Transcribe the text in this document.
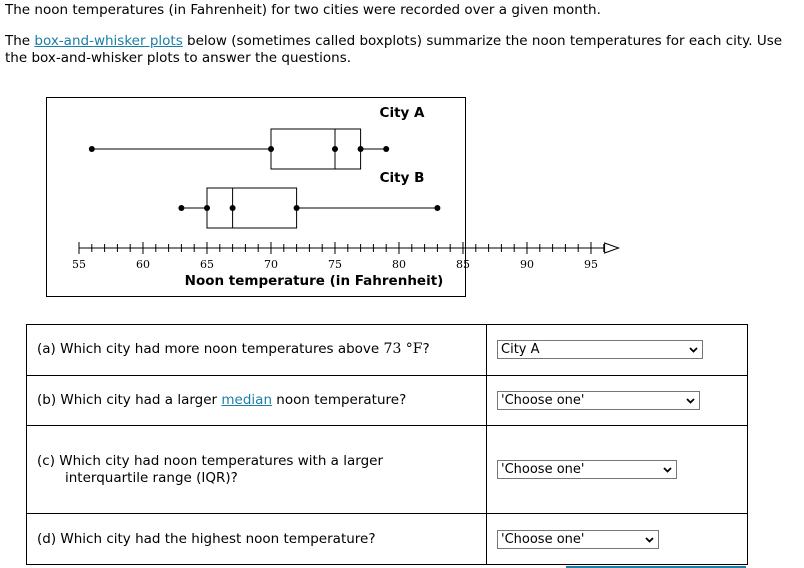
The noon temperatures (in Fahrenheit) for two cities were recorded over a given month.
The box-and-whisker plots below (sometimes called boxplots) summarize the noon temperatures for each city. Use the box-and-whisker plots to answer the questions.
55	60	65	70	75	80	85	90	95
Noon temperature (in Fahrenheit)
City A
City B
(a) Which city had more noon temperatures above 73 °F?	City A

(b) Which city had a larger median noon temperature?	'Choose one'

(c) Which city had noon temperatures with a larger
interquartile range (IQR)?	'Choose one'

(d) Which city had the highest noon temperature?	'Choose one'
